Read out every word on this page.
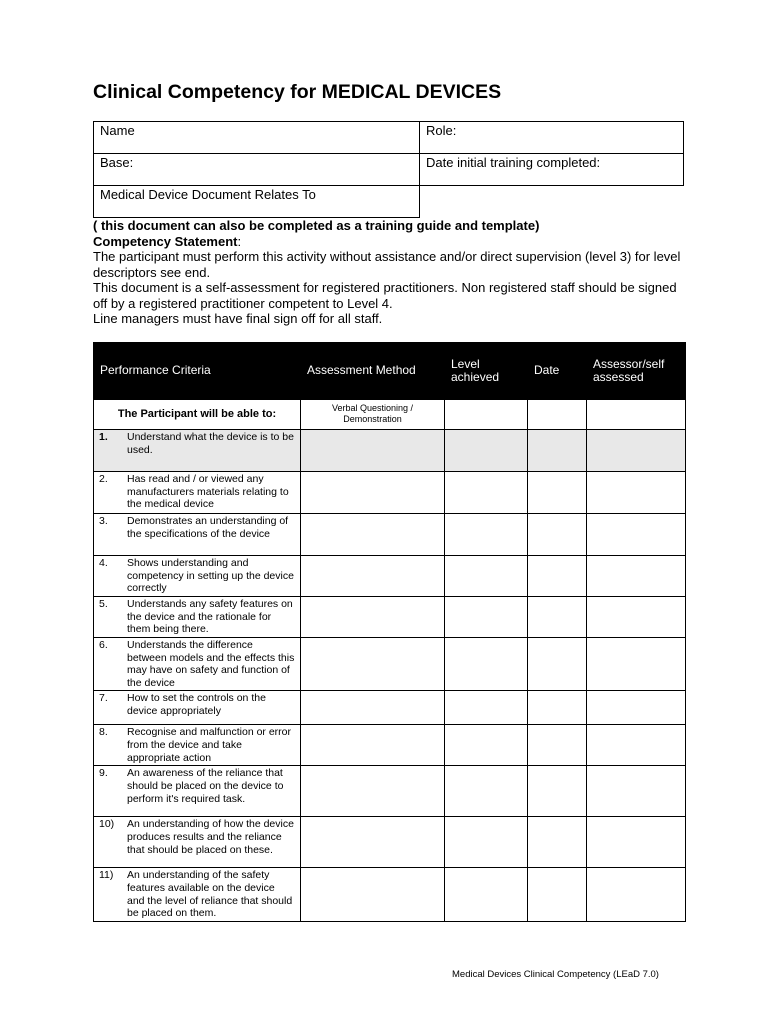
Clinical Competency for MEDICAL DEVICES
Name	Role:
Base:	Date initial training completed:
Medical Device Document Relates To	

( this document can also be completed as a training guide and template)

Competency Statement:

The participant must perform this activity without assistance and/or direct supervision (level 3) for level descriptors see end.

This document is a self-assessment for registered practitioners. Non registered staff should be signed off by a registered practitioner competent to Level 4.

Line managers must have final sign off for all staff.

Performance Criteria	Assessment Method	Level achieved	Date	Assessor/self assessed
The Participant will be able to:	Verbal Questioning / Demonstration			

1. Understand what the device is to be used.				

2. Has read and / or viewed any manufacturers materials relating to the medical device				

3. Demonstrates an understanding of the specifications of the device				

4. Shows understanding and competency in setting up the device correctly				

5. Understands any safety features on the device and the rationale for them being there.				

6. Understands the difference between models and the effects this may have on safety and function of the device				

7. How to set the controls on the device appropriately				

8. Recognise and malfunction or error from the device and take appropriate action				

9. An awareness of the reliance that should be placed on the device to perform it's required task.				

10) An understanding of how the device produces results and the reliance that should be placed on these.				

11) An understanding of the safety features available on the device and the level of reliance that should be placed on them.				

Medical Devices Clinical Competency (LEaD 7.0)
